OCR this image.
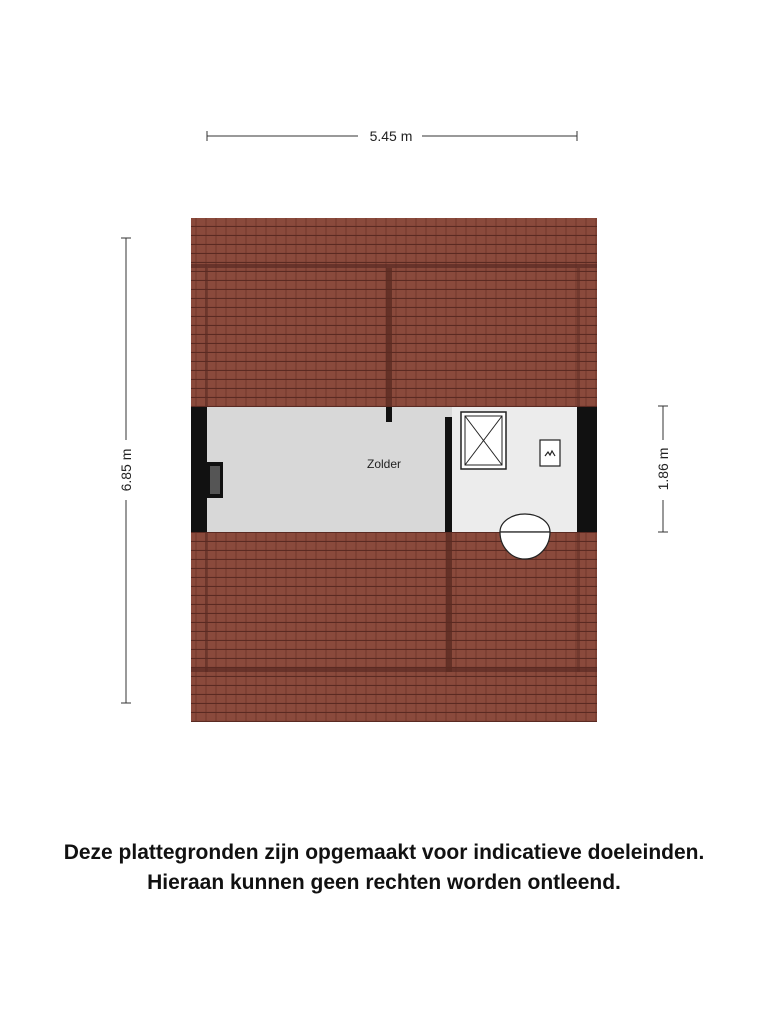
5.45 m
6.85 m	1.86 m
Zolder
Deze plattegronden zijn opgemaakt voor indicatieve doeleinden.
Hieraan kunnen geen rechten worden ontleend.
